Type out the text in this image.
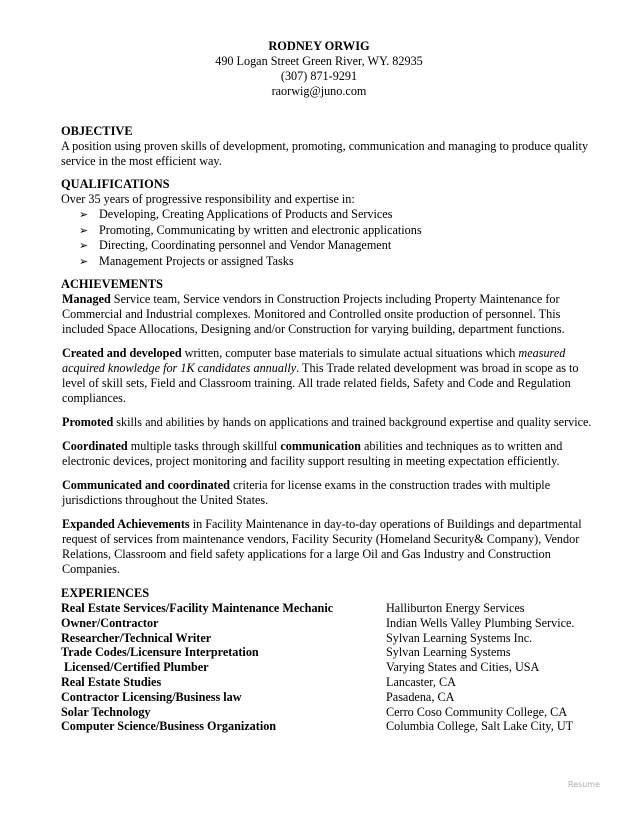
RODNEY ORWIG
490 Logan Street Green River, WY. 82935
(307) 871-9291
raorwig@juno.com
OBJECTIVE

A position using proven skills of development, promoting, communication and managing to produce quality service in the most efficient way.

QUALIFICATIONS

Over 35 years of progressive responsibility and expertise in:

➢ Developing, Creating Applications of Products and Services
➢ Promoting, Communicating by written and electronic applications
➢ Directing, Coordinating personnel and Vendor Management
➢ Management Projects or assigned Tasks
ACHIEVEMENTS

Managed Service team, Service vendors in Construction Projects including Property Maintenance for Commercial and Industrial complexes. Monitored and Controlled onsite production of personnel. This included Space Allocations, Designing and/or Construction for varying building, department functions.

Created and developed written, computer base materials to simulate actual situations which measured acquired knowledge for 1K candidates annually. This Trade related development was broad in scope as to level of skill sets, Field and Classroom training. All trade related fields, Safety and Code and Regulation compliances.

Promoted skills and abilities by hands on applications and trained background expertise and quality service.

Coordinated multiple tasks through skillful communication abilities and techniques as to written and electronic devices, project monitoring and facility support resulting in meeting expectation efficiently.

Communicated and coordinated criteria for license exams in the construction trades with multiple jurisdictions throughout the United States.

Expanded Achievements in Facility Maintenance in day-to-day operations of Buildings and departmental request of services from maintenance vendors, Facility Security (Homeland Security& Company), Vendor Relations, Classroom and field safety applications for a large Oil and Gas Industry and Construction Companies.

EXPERIENCES
Real Estate Services/Facility Maintenance Mechanic	Halliburton Energy Services
Owner/Contractor	Indian Wells Valley Plumbing Service.
Researcher/Technical Writer	Sylvan Learning Systems Inc.
Trade Codes/Licensure Interpretation	Sylvan Learning Systems
Licensed/Certified Plumber	Varying States and Cities, USA
Real Estate Studies	Lancaster, CA
Contractor Licensing/Business law	Pasadena, CA
Solar Technology	Cerro Coso Community College, CA
Computer Science/Business Organization	Columbia College, Salt Lake City, UT
Resume
